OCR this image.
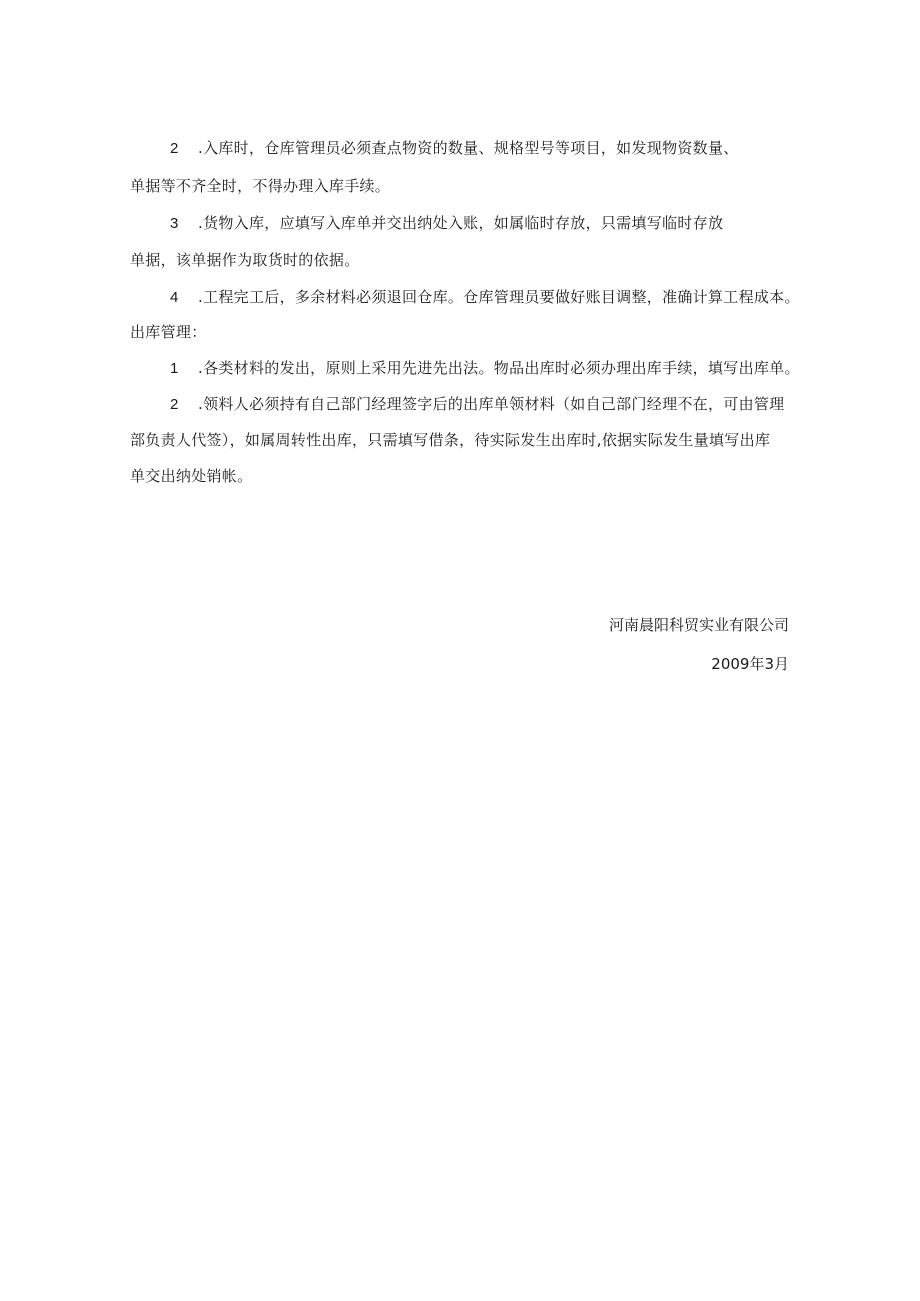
2 .入库时，仓库管理员必须查点物资的数量、规格型号等项目，如发现物资数量、
单据等不齐全时，不得办理入库手续。
3 .货物入库，应填写入库单并交出纳处入账，如属临时存放，只需填写临时存放
单据，该单据作为取货时的依据。
4 .工程完工后，多余材料必须退回仓库。仓库管理员要做好账目调整，准确计算工程成本。
出库管理：
1 .各类材料的发出，原则上采用先进先出法。物品出库时必须办理出库手续，填写出库单。
2 .领料人必须持有自己部门经理签字后的出库单领材料（如自己部门经理不在，可由管理
部负责人代签），如属周转性出库，只需填写借条，待实际发生出库时,依据实际发生量填写出库
单交出纳处销帐。
河南晨阳科贸实业有限公司
2009年3月
